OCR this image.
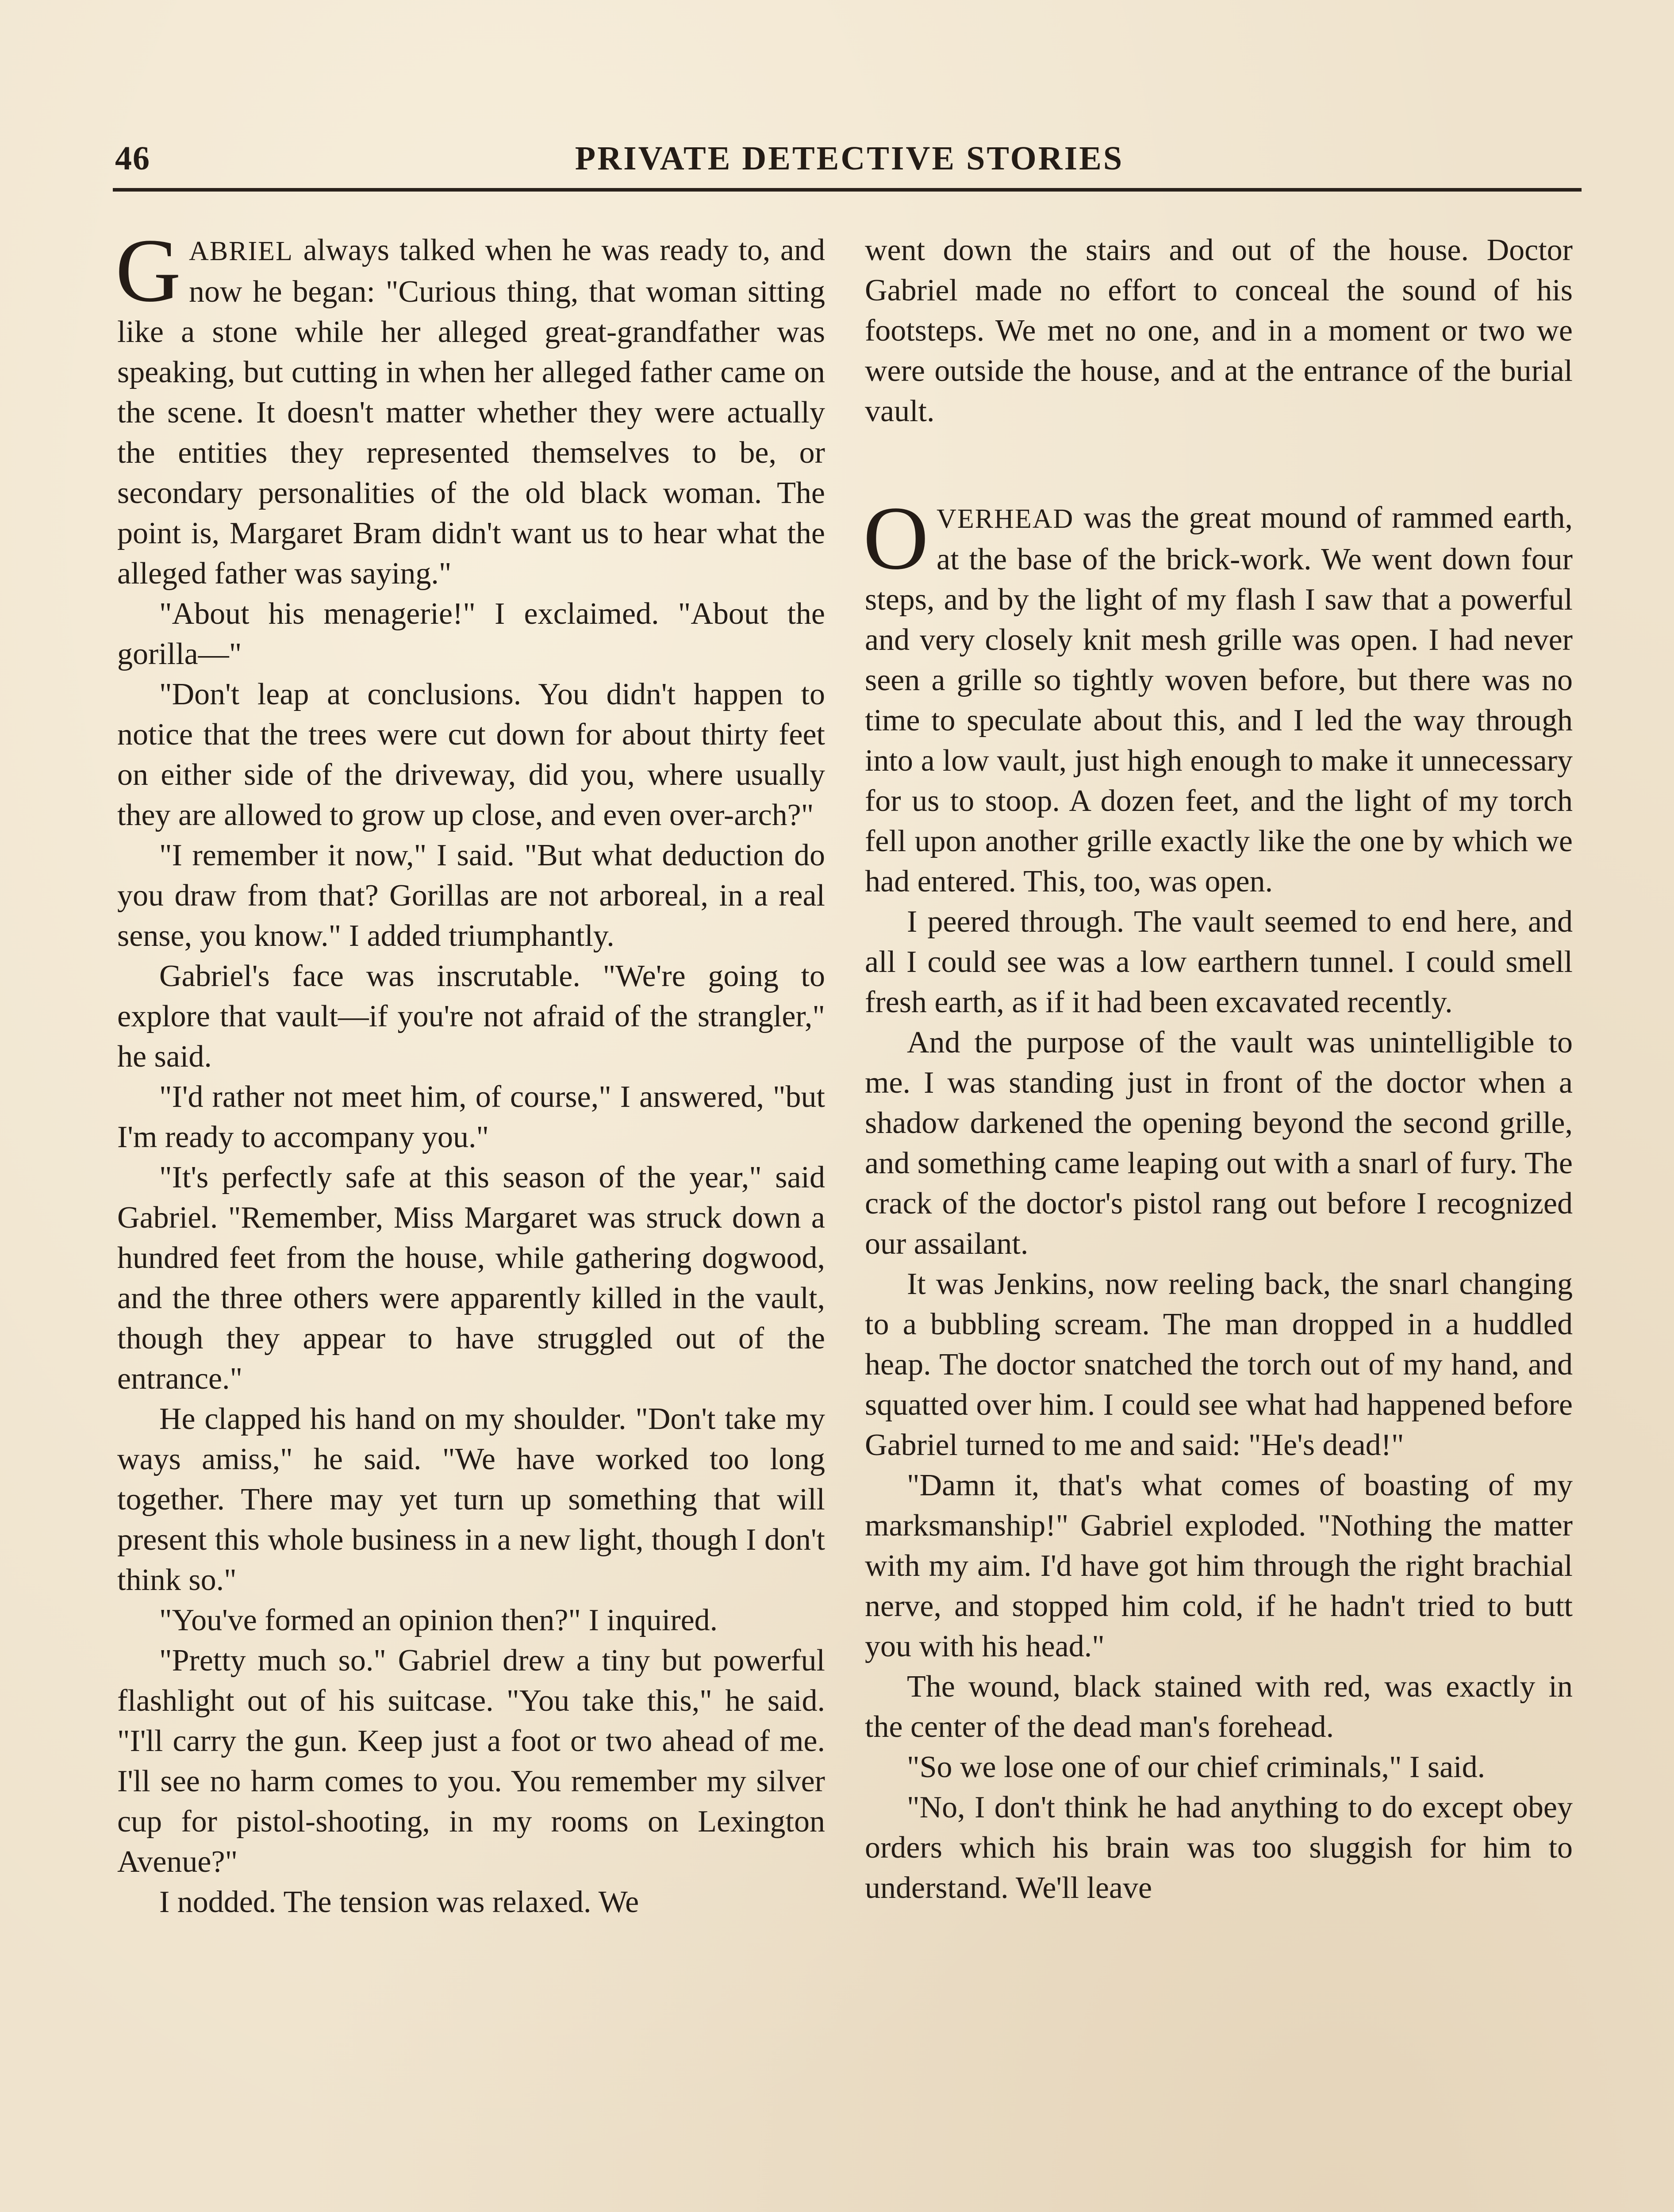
46	PRIVATE DETECTIVE STORIES

GABRIEL always talked when he was ready to, and now he began: "Curious thing, that woman sitting like a stone while her alleged great-grandfather was speaking, but cutting in when her alleged father came on the scene. It doesn't matter whether they were actually the entities they represented themselves to be, or secondary personalities of the old black woman. The point is, Margaret Bram didn't want us to hear what the alleged father was saying."

"About his menagerie!" I exclaimed. "About the gorilla—"

"Don't leap at conclusions. You didn't happen to notice that the trees were cut down for about thirty feet on either side of the driveway, did you, where usually they are allowed to grow up close, and even over-arch?"

"I remember it now," I said. "But what deduction do you draw from that? Gorillas are not arboreal, in a real sense, you know." I added triumphantly.

Gabriel's face was inscrutable. "We're going to explore that vault—if you're not afraid of the strangler," he said.

"I'd rather not meet him, of course," I answered, "but I'm ready to accompany you."

"It's perfectly safe at this season of the year," said Gabriel. "Remember, Miss Margaret was struck down a hundred feet from the house, while gathering dogwood, and the three others were apparently killed in the vault, though they appear to have struggled out of the entrance."

He clapped his hand on my shoulder. "Don't take my ways amiss," he said. "We have worked too long together. There may yet turn up something that will present this whole business in a new light, though I don't think so."

"You've formed an opinion then?" I inquired.

"Pretty much so." Gabriel drew a tiny but powerful flashlight out of his suitcase. "You take this," he said. "I'll carry the gun. Keep just a foot or two ahead of me. I'll see no harm comes to you. You remember my silver cup for pistol-shooting, in my rooms on Lexington Avenue?"

I nodded. The tension was relaxed. We

went down the stairs and out of the house. Doctor Gabriel made no effort to conceal the sound of his footsteps. We met no one, and in a moment or two we were outside the house, and at the entrance of the burial vault.

OVERHEAD was the great mound of rammed earth, at the base of the brick-work. We went down four steps, and by the light of my flash I saw that a powerful and very closely knit mesh grille was open. I had never seen a grille so tightly woven before, but there was no time to speculate about this, and I led the way through into a low vault, just high enough to make it unnecessary for us to stoop. A dozen feet, and the light of my torch fell upon another grille exactly like the one by which we had entered. This, too, was open.

I peered through. The vault seemed to end here, and all I could see was a low earthern tunnel. I could smell fresh earth, as if it had been excavated recently.

And the purpose of the vault was unintelligible to me. I was standing just in front of the doctor when a shadow darkened the opening beyond the second grille, and something came leaping out with a snarl of fury. The crack of the doctor's pistol rang out before I recognized our assailant.

It was Jenkins, now reeling back, the snarl changing to a bubbling scream. The man dropped in a huddled heap. The doctor snatched the torch out of my hand, and squatted over him. I could see what had happened before Gabriel turned to me and said: "He's dead!"

"Damn it, that's what comes of boasting of my marksmanship!" Gabriel exploded. "Nothing the matter with my aim. I'd have got him through the right brachial nerve, and stopped him cold, if he hadn't tried to butt you with his head."

The wound, black stained with red, was exactly in the center of the dead man's forehead.

"So we lose one of our chief criminals," I said.

"No, I don't think he had anything to do except obey orders which his brain was too sluggish for him to understand. We'll leave
